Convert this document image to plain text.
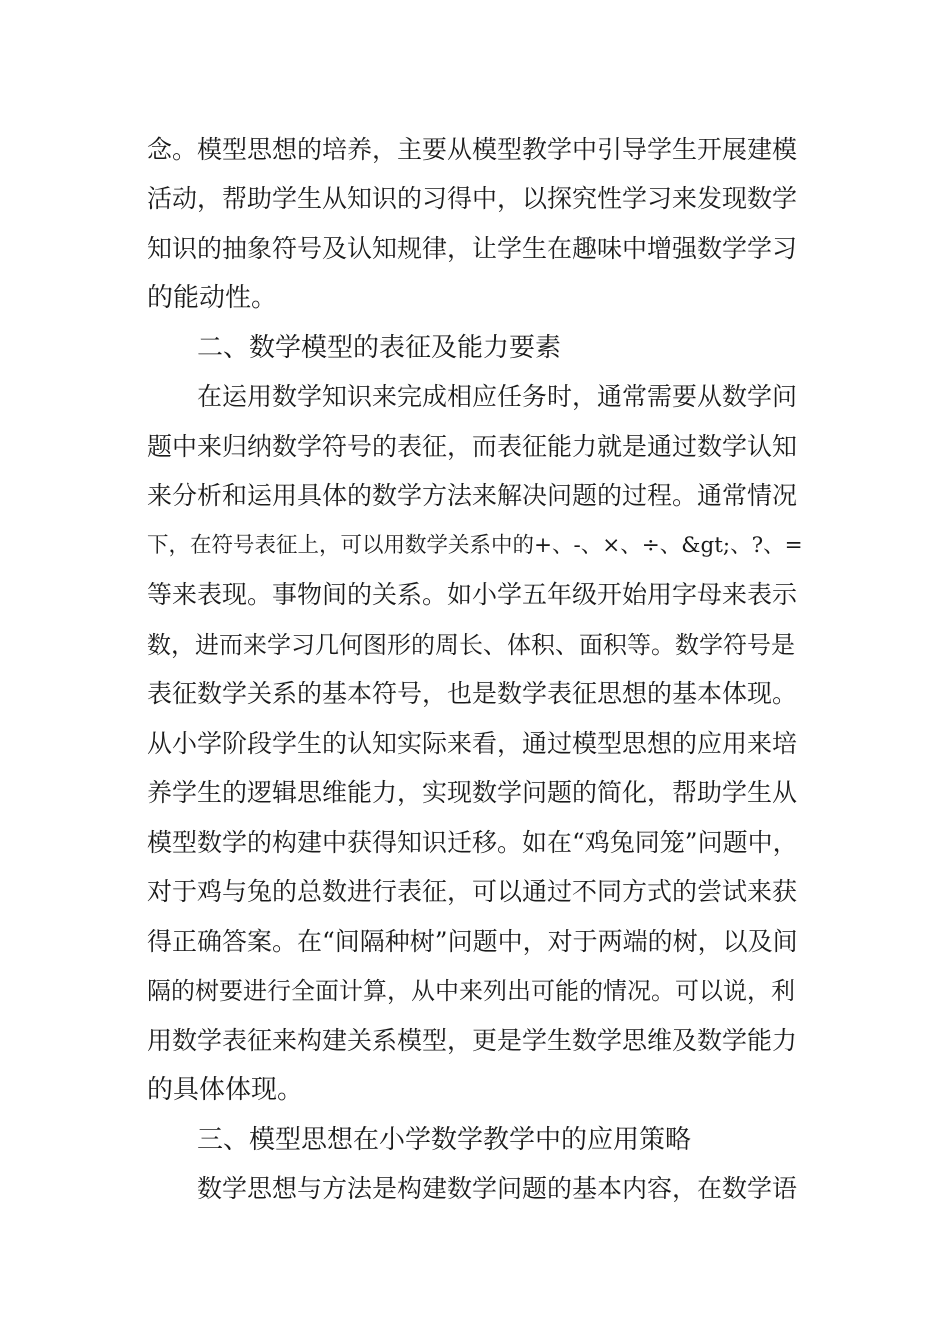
念。模型思想的培养，主要从模型教学中引导学生开展建模
活动，帮助学生从知识的习得中，以探究性学习来发现数学
知识的抽象符号及认知规律，让学生在趣味中增强数学学习
的能动性。
二、数学模型的表征及能力要素
在运用数学知识来完成相应任务时，通常需要从数学问
题中来归纳数学符号的表征，而表征能力就是通过数学认知
来分析和运用具体的数学方法来解决问题的过程。通常情况
下，在符号表征上，可以用数学关系中的+、-、×、÷、&gt;、?、=
等来表现。事物间的关系。如小学五年级开始用字母来表示
数，进而来学习几何图形的周长、体积、面积等。数学符号是
表征数学关系的基本符号，也是数学表征思想的基本体现。
从小学阶段学生的认知实际来看，通过模型思想的应用来培
养学生的逻辑思维能力，实现数学问题的简化，帮助学生从
模型数学的构建中获得知识迁移。如在“鸡兔同笼”问题中，
对于鸡与兔的总数进行表征，可以通过不同方式的尝试来获
得正确答案。在“间隔种树”问题中，对于两端的树，以及间
隔的树要进行全面计算，从中来列出可能的情况。可以说，利
用数学表征来构建关系模型，更是学生数学思维及数学能力
的具体体现。
三、模型思想在小学数学教学中的应用策略
数学思想与方法是构建数学问题的基本内容，在数学语
